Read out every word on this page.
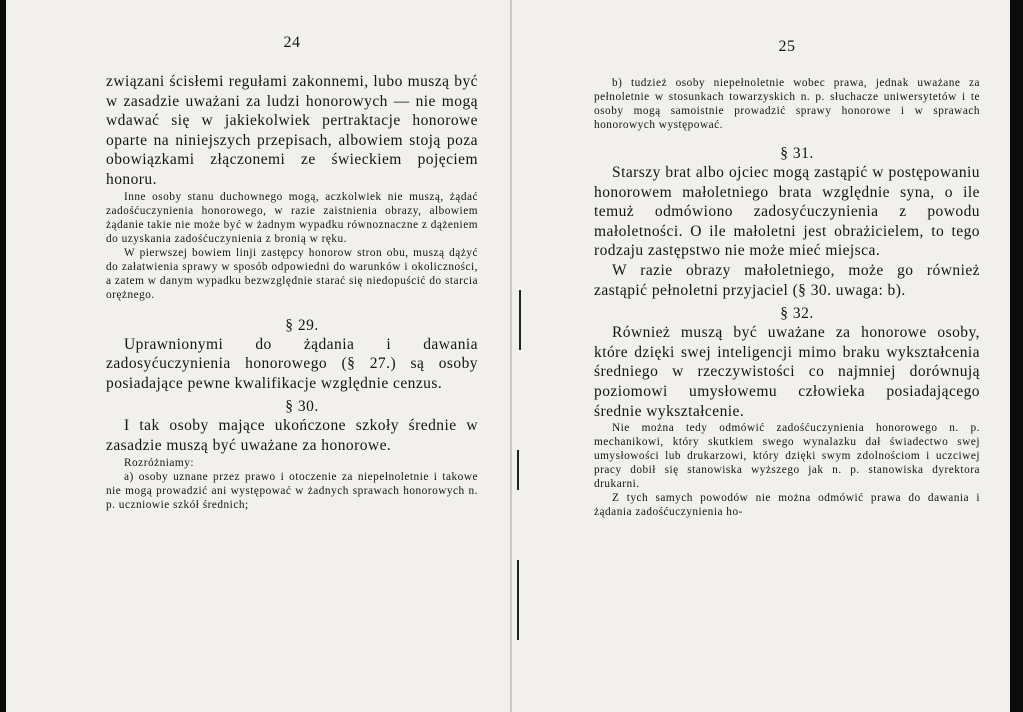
24

związani ścisłemi regułami zakonnemi, lubo muszą być w zasadzie uważani za ludzi honorowych — nie mogą wdawać się w jakiekolwiek pertraktacje honorowe oparte na niniejszych przepisach, albowiem stoją poza obowiązkami złączonemi ze świeckiem pojęciem honoru.

Inne osoby stanu duchownego mogą, aczkolwiek nie muszą, żądać zadośćuczynienia honorowego, w razie zaistnienia obrazy, albowiem żądanie takie nie może być w żadnym wypadku równoznaczne z dążeniem do uzyskania zadośćuczynienia z bronią w ręku.

W pierwszej bowiem linji zastępcy honorow stron obu, muszą dążyć do załatwienia sprawy w sposób odpowiedni do warunków i okoliczności, a zatem w danym wypadku bezwzględnie starać się niedopuścić do starcia orężnego.

§ 29.

Uprawnionymi do żądania i dawania zadosyćuczynienia honorowego (§ 27.) są osoby posiadające pewne kwalifikacje względnie cenzus.

§ 30.

I tak osoby mające ukończone szkoły średnie w zasadzie muszą być uważane za honorowe.

Rozróżniamy:

a) osoby uznane przez prawo i otoczenie za niepełnoletnie i takowe nie mogą prowadzić ani występować w żadnych sprawach honorowych n. p. uczniowie szkół średnich;

25

b) tudzież osoby niepełnoletnie wobec prawa, jednak uważane za pełnoletnie w stosunkach towarzyskich n. p. słuchacze uniwersytetów i te osoby mogą samoistnie prowadzić sprawy honorowe i w sprawach honorowych występować.

§ 31.

Starszy brat albo ojciec mogą zastąpić w postępowaniu honorowem małoletniego brata względnie syna, o ile temuż odmówiono zadosyćuczynienia z powodu małoletności. O ile małoletni jest obrażicielem, to tego rodzaju zastępstwo nie może mieć miejsca.

W razie obrazy małoletniego, może go również zastąpić pełnoletni przyjaciel (§ 30. uwaga: b).

§ 32.

Również muszą być uważane za honorowe osoby, które dzięki swej inteligencji mimo braku wykształcenia średniego w rzeczywistości co najmniej dorównują poziomowi umysłowemu człowieka posiadającego średnie wykształcenie.

Nie można tedy odmówić zadośćuczynienia honorowego n. p. mechanikowi, który skutkiem swego wynalazku dał świadectwo swej umysłowości lub drukarzowi, który dzięki swym zdolnościom i uczciwej pracy dobił się stanowiska wyższego jak n. p. stanowiska dyrektora drukarni.

Z tych samych powodów nie można odmówić prawa do dawania i żądania zadośćuczynienia ho-
